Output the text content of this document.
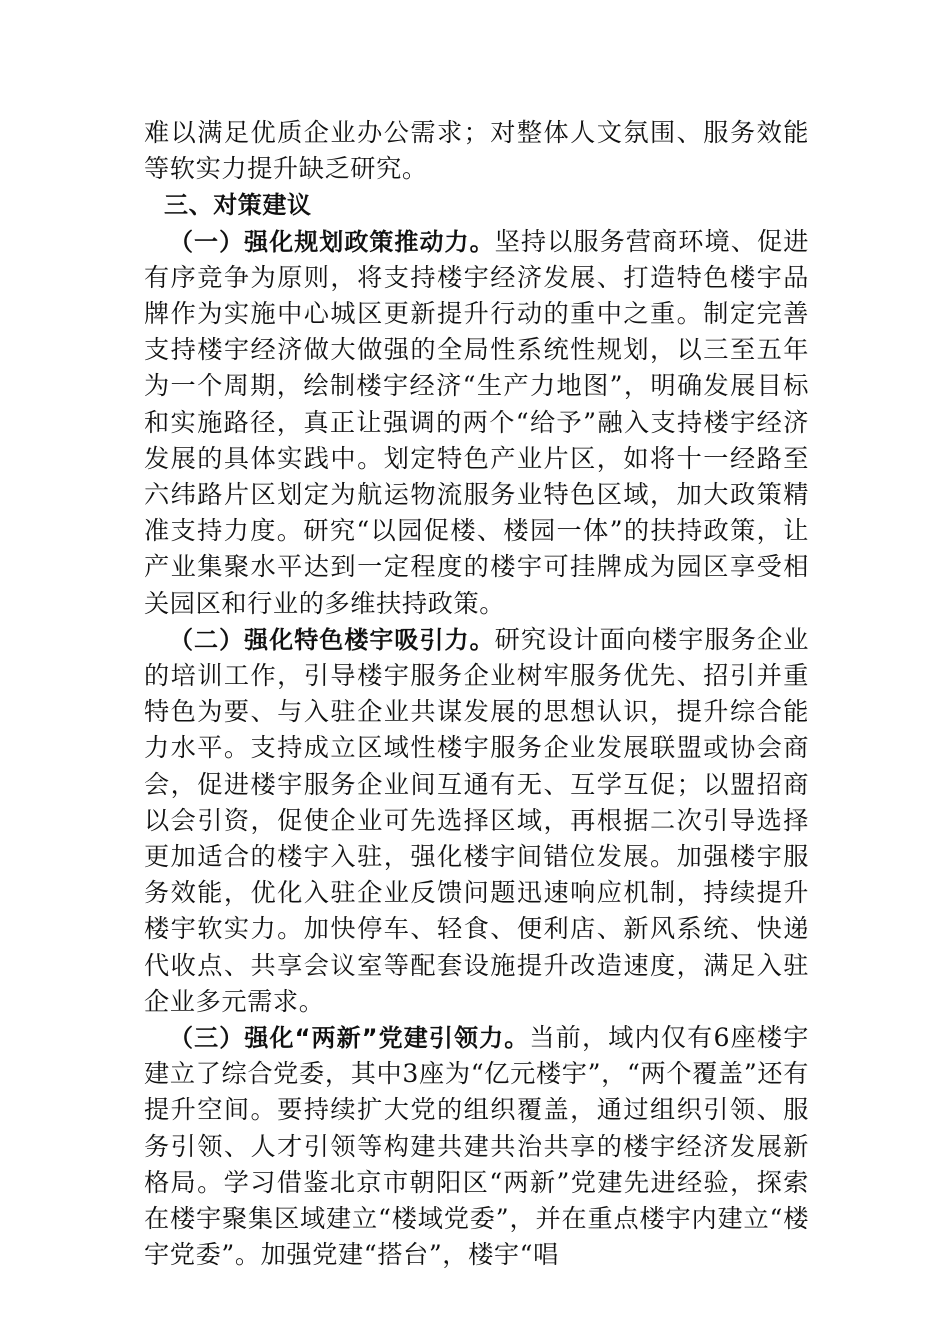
难以满足优质企业办公需求；对整体人文氛围、服务效能等软实力提升缺乏研究。

三、对策建议

（一）强化规划政策推动力。坚持以服务营商环境、促进有序竞争为原则，将支持楼宇经济发展、打造特色楼宇品牌作为实施中心城区更新提升行动的重中之重。制定完善支持楼宇经济做大做强的全局性系统性规划，以三至五年为一个周期，绘制楼宇经济“生产力地图”，明确发展目标和实施路径，真正让强调的两个“给予”融入支持楼宇经济发展的具体实践中。划定特色产业片区，如将十一经路至六纬路片区划定为航运物流服务业特色区域，加大政策精准支持力度。研究“以园促楼、楼园一体”的扶持政策，让产业集聚水平达到一定程度的楼宇可挂牌成为园区享受相关园区和行业的多维扶持政策。

（二）强化特色楼宇吸引力。研究设计面向楼宇服务企业的培训工作，引导楼宇服务企业树牢服务优先、招引并重特色为要、与入驻企业共谋发展的思想认识，提升综合能力水平。支持成立区域性楼宇服务企业发展联盟或协会商会，促进楼宇服务企业间互通有无、互学互促；以盟招商以会引资，促使企业可先选择区域，再根据二次引导选择更加适合的楼宇入驻，强化楼宇间错位发展。加强楼宇服务效能，优化入驻企业反馈问题迅速响应机制，持续提升楼宇软实力。加快停车、轻食、便利店、新风系统、快递代收点、共享会议室等配套设施提升改造速度，满足入驻企业多元需求。

（三）强化“两新”党建引领力。当前，域内仅有6座楼宇建立了综合党委，其中3座为“亿元楼宇”，“两个覆盖”还有提升空间。要持续扩大党的组织覆盖，通过组织引领、服务引领、人才引领等构建共建共治共享的楼宇经济发展新格局。学习借鉴北京市朝阳区“两新”党建先进经验，探索在楼宇聚集区域建立“楼域党委”，并在重点楼宇内建立“楼宇党委”。加强党建“搭台”，楼宇“唱
